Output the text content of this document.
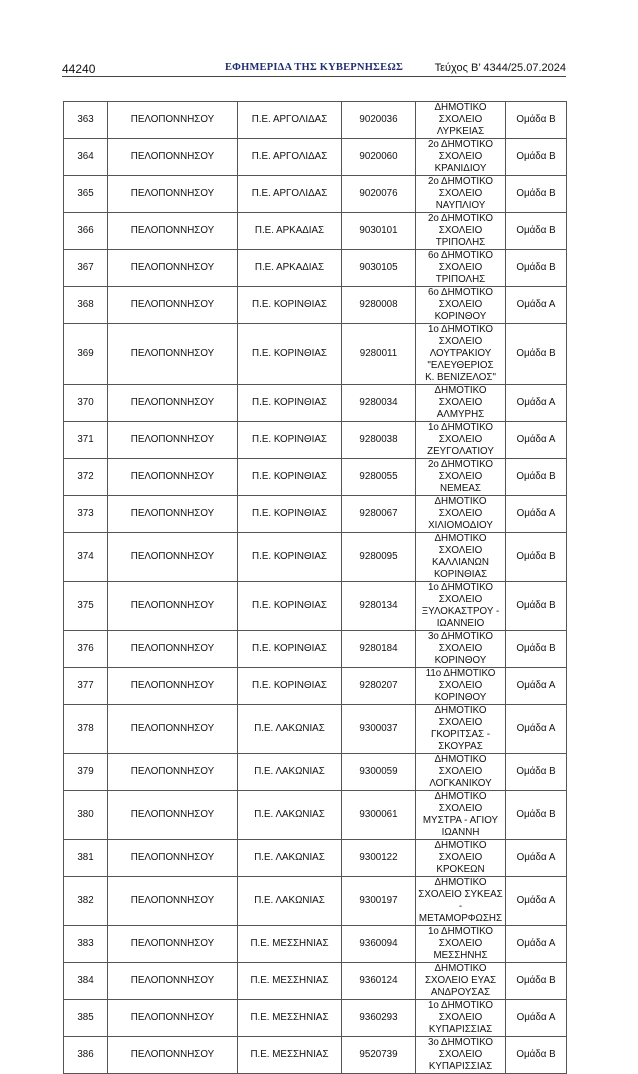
44240	ΕΦΗΜΕΡΙΔΑ ΤΗΣ ΚΥΒΕΡΝΗΣΕΩΣ	Τεύχος Β’ 4344/25.07.2024
363	ΠΕΛΟΠΟΝΝΗΣΟΥ	Π.Ε. ΑΡΓΟΛΙΔΑΣ	9020036	ΔΗΜΟΤΙΚΟ ΣΧΟΛΕΙΟ
ΛΥΡΚΕΙΑΣ	Ομάδα Β
364	ΠΕΛΟΠΟΝΝΗΣΟΥ	Π.Ε. ΑΡΓΟΛΙΔΑΣ	9020060	2ο ΔΗΜΟΤΙΚΟ ΣΧΟΛΕΙΟ
ΚΡΑΝΙΔΙΟΥ	Ομάδα Β
365	ΠΕΛΟΠΟΝΝΗΣΟΥ	Π.Ε. ΑΡΓΟΛΙΔΑΣ	9020076	2ο ΔΗΜΟΤΙΚΟ ΣΧΟΛΕΙΟ
ΝΑΥΠΛΙΟΥ	Ομάδα Β
366	ΠΕΛΟΠΟΝΝΗΣΟΥ	Π.Ε. ΑΡΚΑΔΙΑΣ	9030101	2ο ΔΗΜΟΤΙΚΟ ΣΧΟΛΕΙΟ
ΤΡΙΠΟΛΗΣ	Ομάδα Β
367	ΠΕΛΟΠΟΝΝΗΣΟΥ	Π.Ε. ΑΡΚΑΔΙΑΣ	9030105	6ο ΔΗΜΟΤΙΚΟ ΣΧΟΛΕΙΟ
ΤΡΙΠΟΛΗΣ	Ομάδα Β
368	ΠΕΛΟΠΟΝΝΗΣΟΥ	Π.Ε. ΚΟΡΙΝΘΙΑΣ	9280008	6ο ΔΗΜΟΤΙΚΟ ΣΧΟΛΕΙΟ
ΚΟΡΙΝΘΟΥ	Ομάδα Α
369	ΠΕΛΟΠΟΝΝΗΣΟΥ	Π.Ε. ΚΟΡΙΝΘΙΑΣ	9280011	1ο ΔΗΜΟΤΙΚΟ ΣΧΟΛΕΙΟ
ΛΟΥΤΡΑΚΙΟΥ "ΕΛΕΥΘΕΡΙΟΣ
Κ. ΒΕΝΙΖΕΛΟΣ"	Ομάδα Β
370	ΠΕΛΟΠΟΝΝΗΣΟΥ	Π.Ε. ΚΟΡΙΝΘΙΑΣ	9280034	ΔΗΜΟΤΙΚΟ ΣΧΟΛΕΙΟ
ΑΛΜΥΡΗΣ	Ομάδα Α
371	ΠΕΛΟΠΟΝΝΗΣΟΥ	Π.Ε. ΚΟΡΙΝΘΙΑΣ	9280038	1ο ΔΗΜΟΤΙΚΟ ΣΧΟΛΕΙΟ
ΖΕΥΓΟΛΑΤΙΟΥ	Ομάδα Α
372	ΠΕΛΟΠΟΝΝΗΣΟΥ	Π.Ε. ΚΟΡΙΝΘΙΑΣ	9280055	2ο ΔΗΜΟΤΙΚΟ ΣΧΟΛΕΙΟ
ΝΕΜΕΑΣ	Ομάδα Β
373	ΠΕΛΟΠΟΝΝΗΣΟΥ	Π.Ε. ΚΟΡΙΝΘΙΑΣ	9280067	ΔΗΜΟΤΙΚΟ ΣΧΟΛΕΙΟ
ΧΙΛΙΟΜΟΔΙΟΥ	Ομάδα Α
374	ΠΕΛΟΠΟΝΝΗΣΟΥ	Π.Ε. ΚΟΡΙΝΘΙΑΣ	9280095	ΔΗΜΟΤΙΚΟ ΣΧΟΛΕΙΟ
ΚΑΛΛΙΑΝΩΝ ΚΟΡΙΝΘΙΑΣ	Ομάδα Β
375	ΠΕΛΟΠΟΝΝΗΣΟΥ	Π.Ε. ΚΟΡΙΝΘΙΑΣ	9280134	1ο ΔΗΜΟΤΙΚΟ ΣΧΟΛΕΙΟ
ΞΥΛΟΚΑΣΤΡΟΥ - ΙΩΑΝΝΕΙΟ	Ομάδα Β
376	ΠΕΛΟΠΟΝΝΗΣΟΥ	Π.Ε. ΚΟΡΙΝΘΙΑΣ	9280184	3ο ΔΗΜΟΤΙΚΟ ΣΧΟΛΕΙΟ
ΚΟΡΙΝΘΟΥ	Ομάδα Β
377	ΠΕΛΟΠΟΝΝΗΣΟΥ	Π.Ε. ΚΟΡΙΝΘΙΑΣ	9280207	11ο ΔΗΜΟΤΙΚΟ ΣΧΟΛΕΙΟ
ΚΟΡΙΝΘΟΥ	Ομάδα Α
378	ΠΕΛΟΠΟΝΝΗΣΟΥ	Π.Ε. ΛΑΚΩΝΙΑΣ	9300037	ΔΗΜΟΤΙΚΟ ΣΧΟΛΕΙΟ
ΓΚΟΡΙΤΣΑΣ - ΣΚΟΥΡΑΣ	Ομάδα Α
379	ΠΕΛΟΠΟΝΝΗΣΟΥ	Π.Ε. ΛΑΚΩΝΙΑΣ	9300059	ΔΗΜΟΤΙΚΟ ΣΧΟΛΕΙΟ
ΛΟΓΚΑΝΙΚΟΥ	Ομάδα Β
380	ΠΕΛΟΠΟΝΝΗΣΟΥ	Π.Ε. ΛΑΚΩΝΙΑΣ	9300061	ΔΗΜΟΤΙΚΟ ΣΧΟΛΕΙΟ
ΜΥΣΤΡΑ - ΑΓΙΟΥ ΙΩΑΝΝΗ	Ομάδα Β
381	ΠΕΛΟΠΟΝΝΗΣΟΥ	Π.Ε. ΛΑΚΩΝΙΑΣ	9300122	ΔΗΜΟΤΙΚΟ ΣΧΟΛΕΙΟ
ΚΡΟΚΕΩΝ	Ομάδα Α
382	ΠΕΛΟΠΟΝΝΗΣΟΥ	Π.Ε. ΛΑΚΩΝΙΑΣ	9300197	ΔΗΜΟΤΙΚΟ
ΣΧΟΛΕΙΟ ΣΥΚΕΑΣ -
ΜΕΤΑΜΟΡΦΩΣΗΣ	Ομάδα Α
383	ΠΕΛΟΠΟΝΝΗΣΟΥ	Π.Ε. ΜΕΣΣΗΝΙΑΣ	9360094	1ο ΔΗΜΟΤΙΚΟ ΣΧΟΛΕΙΟ
ΜΕΣΣΗΝΗΣ	Ομάδα Α
384	ΠΕΛΟΠΟΝΝΗΣΟΥ	Π.Ε. ΜΕΣΣΗΝΙΑΣ	9360124	ΔΗΜΟΤΙΚΟ ΣΧΟΛΕΙΟ ΕΥΑΣ
ΑΝΔΡΟΥΣΑΣ	Ομάδα Β
385	ΠΕΛΟΠΟΝΝΗΣΟΥ	Π.Ε. ΜΕΣΣΗΝΙΑΣ	9360293	1ο ΔΗΜΟΤΙΚΟ ΣΧΟΛΕΙΟ
ΚΥΠΑΡΙΣΣΙΑΣ	Ομάδα Α
386	ΠΕΛΟΠΟΝΝΗΣΟΥ	Π.Ε. ΜΕΣΣΗΝΙΑΣ	9520739	3ο ΔΗΜΟΤΙΚΟ ΣΧΟΛΕΙΟ
ΚΥΠΑΡΙΣΣΙΑΣ	Ομάδα Β
